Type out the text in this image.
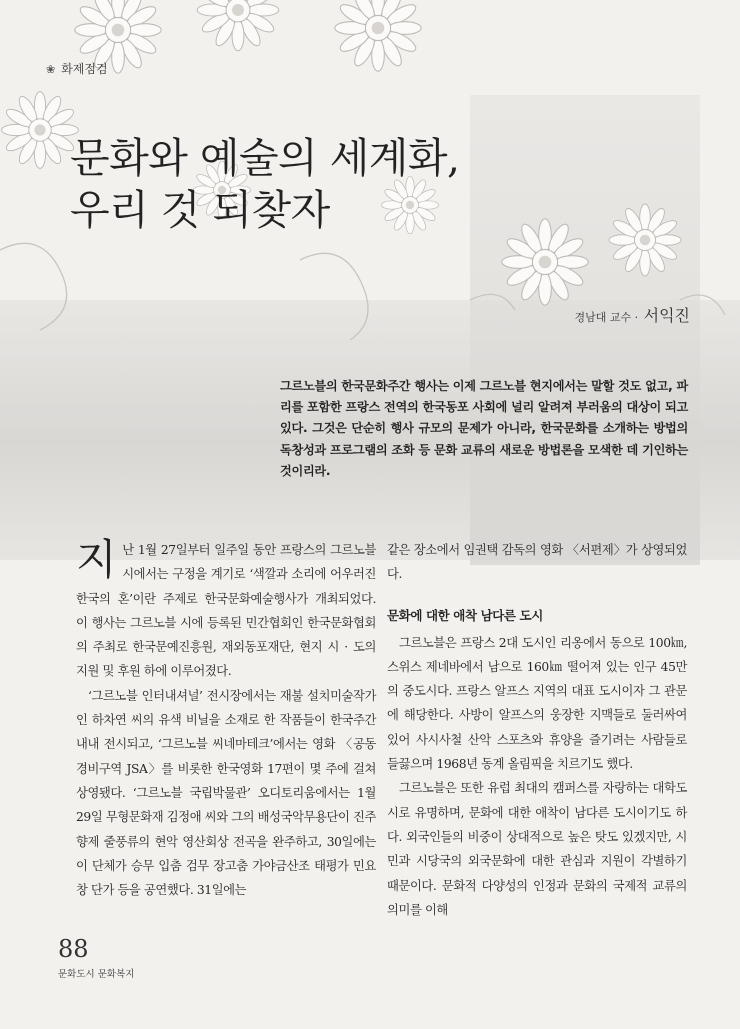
❀ 화제점검
문화와 예술의 세계화,
우리 것 되찾자
경남대 교수 · 서익진

그르노블의 한국문화주간 행사는 이제 그르노블 현지에서는 말할 것도 없고, 파리를 포함한 프랑스 전역의 한국동포 사회에 널리 알려져 부러움의 대상이 되고 있다. 그것은 단순히 행사 규모의 문제가 아니라, 한국문화를 소개하는 방법의 독창성과 프로그램의 조화 등 문화 교류의 새로운 방법론을 모색한 데 기인하는 것이리라.

지난 1월 27일부터 일주일 동안 프랑스의 그르노블 시에서는 구정을 계기로 ‘색깔과 소리에 어우러진 한국의 혼’이란 주제로 한국문화예술행사가 개최되었다. 이 행사는 그르노블 시에 등록된 민간협회인 한국문화협회의 주최로 한국문예진흥원, 재외동포재단, 현지 시 · 도의 지원 및 후원 하에 이루어졌다.

‘그르노블 인터내셔널’ 전시장에서는 재불 설치미술작가인 하차연 씨의 유색 비닐을 소재로 한 작품들이 한국주간 내내 전시되고, ‘그르노블 씨네마테크’에서는 영화 〈공동경비구역 JSA〉를 비롯한 한국영화 17편이 몇 주에 걸쳐 상영됐다. ‘그르노블 국립박물관’ 오디토리움에서는 1월 29일 무형문화재 김정애 씨와 그의 배성국악무용단이 진주향제 줄풍류의 현악 영산회상 전곡을 완주하고, 30일에는 이 단체가 승무 입춤 검무 장고춤 가야금산조 태평가 민요창 단가 등을 공연했다. 31일에는

같은 장소에서 임권택 감독의 영화 〈서편제〉가 상영되었다.

문화에 대한 애착 남다른 도시

그르노블은 프랑스 2대 도시인 리옹에서 동으로 100㎞, 스위스 제네바에서 남으로 160㎞ 떨어져 있는 인구 45만의 중도시다. 프랑스 알프스 지역의 대표 도시이자 그 관문에 해당한다. 사방이 알프스의 웅장한 지맥들로 둘러싸여 있어 사시사철 산악 스포츠와 휴양을 즐기려는 사람들로 들끓으며 1968년 동계 올림픽을 치르기도 했다.

그르노블은 또한 유럽 최대의 캠퍼스를 자랑하는 대학도시로 유명하며, 문화에 대한 애착이 남다른 도시이기도 하다. 외국인들의 비중이 상대적으로 높은 탓도 있겠지만, 시민과 시당국의 외국문화에 대한 관심과 지원이 각별하기 때문이다. 문화적 다양성의 인정과 문화의 국제적 교류의 의미를 이해

88
문화도시 문화복지
